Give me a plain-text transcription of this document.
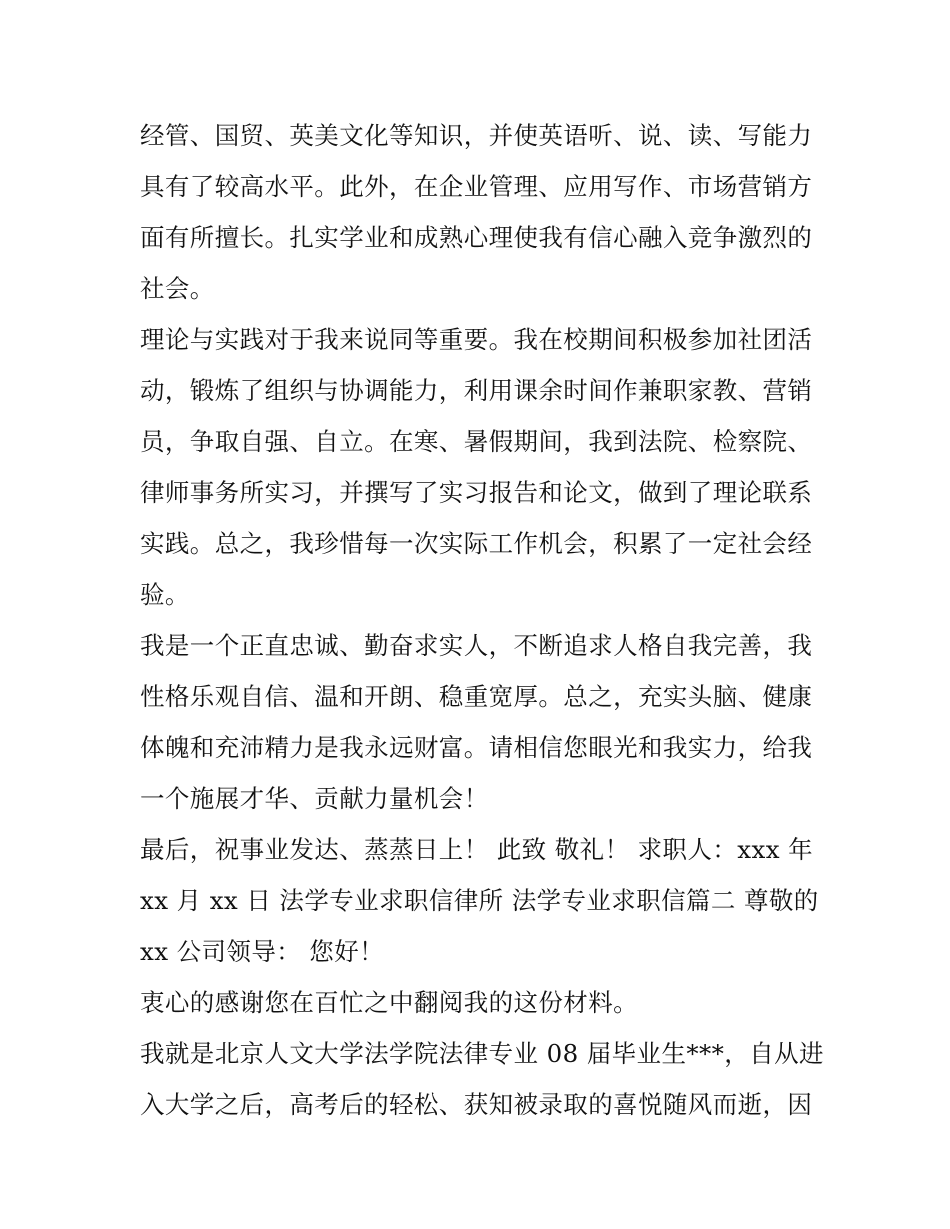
经管、国贸、英美文化等知识，并使英语听、说、读、写能力
具有了较高水平。此外，在企业管理、应用写作、市场营销方
面有所擅长。扎实学业和成熟心理使我有信心融入竞争激烈的
社会。
理论与实践对于我来说同等重要。我在校期间积极参加社团活
动，锻炼了组织与协调能力，利用课余时间作兼职家教、营销
员，争取自强、自立。在寒、暑假期间，我到法院、检察院、
律师事务所实习，并撰写了实习报告和论文，做到了理论联系
实践。总之，我珍惜每一次实际工作机会，积累了一定社会经
验。
我是一个正直忠诚、勤奋求实人，不断追求人格自我完善，我
性格乐观自信、温和开朗、稳重宽厚。总之，充实头脑、健康
体魄和充沛精力是我永远财富。请相信您眼光和我实力，给我
一个施展才华、贡献力量机会！
最后，祝事业发达、蒸蒸日上！ 此致 敬礼！ 求职人：xxx 年
xx 月 xx 日 法学专业求职信律所 法学专业求职信篇二 尊敬的
xx 公司领导： 您好！
衷心的感谢您在百忙之中翻阅我的这份材料。
我就是北京人文大学法学院法律专业 08 届毕业生***，自从进
入大学之后，高考后的轻松、获知被录取的喜悦随风而逝，因
